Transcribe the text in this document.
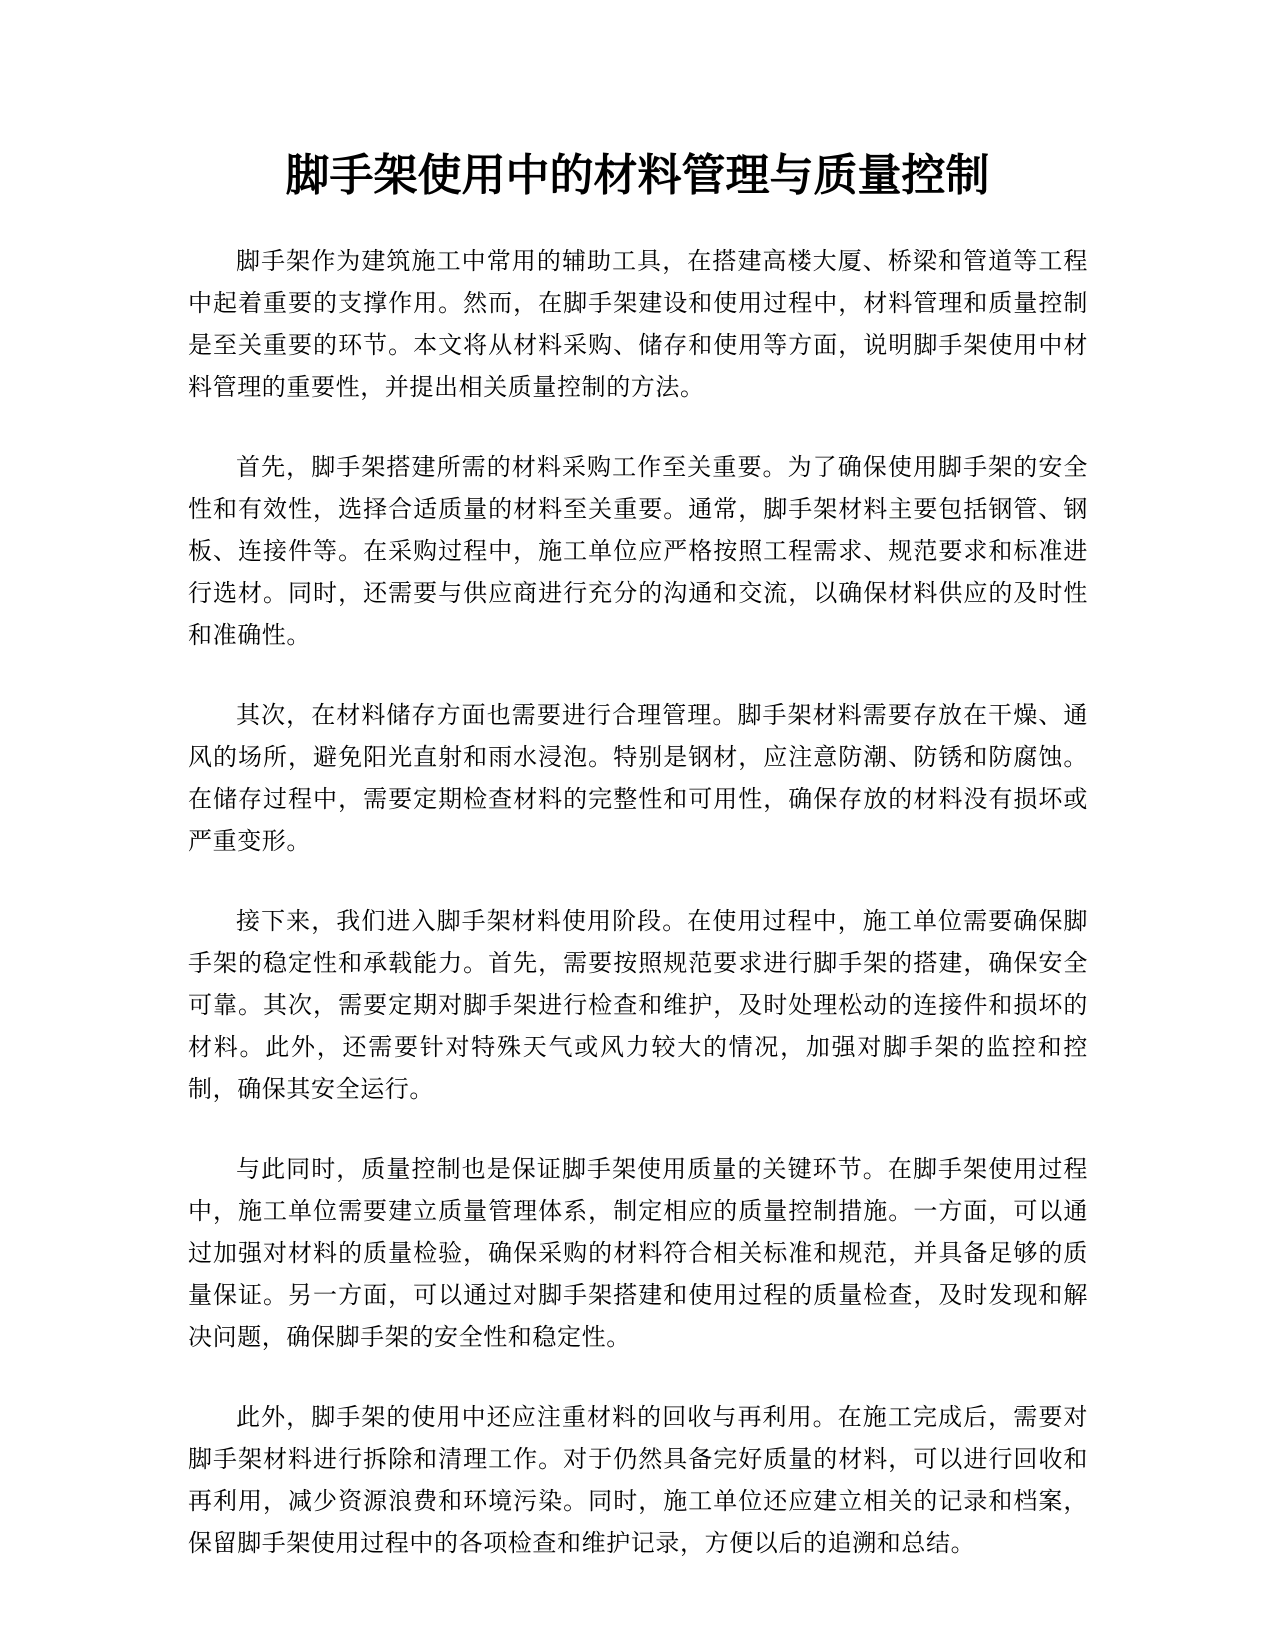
脚手架使用中的材料管理与质量控制

脚手架作为建筑施工中常用的辅助工具，在搭建高楼大厦、桥梁和管道等工程中起着重要的支撑作用。然而，在脚手架建设和使用过程中，材料管理和质量控制是至关重要的环节。本文将从材料采购、储存和使用等方面，说明脚手架使用中材料管理的重要性，并提出相关质量控制的方法。

首先，脚手架搭建所需的材料采购工作至关重要。为了确保使用脚手架的安全性和有效性，选择合适质量的材料至关重要。通常，脚手架材料主要包括钢管、钢板、连接件等。在采购过程中，施工单位应严格按照工程需求、规范要求和标准进行选材。同时，还需要与供应商进行充分的沟通和交流，以确保材料供应的及时性和准确性。

其次，在材料储存方面也需要进行合理管理。脚手架材料需要存放在干燥、通风的场所，避免阳光直射和雨水浸泡。特别是钢材，应注意防潮、防锈和防腐蚀。在储存过程中，需要定期检查材料的完整性和可用性，确保存放的材料没有损坏或严重变形。

接下来，我们进入脚手架材料使用阶段。在使用过程中，施工单位需要确保脚手架的稳定性和承载能力。首先，需要按照规范要求进行脚手架的搭建，确保安全可靠。其次，需要定期对脚手架进行检查和维护，及时处理松动的连接件和损坏的材料。此外，还需要针对特殊天气或风力较大的情况，加强对脚手架的监控和控制，确保其安全运行。

与此同时，质量控制也是保证脚手架使用质量的关键环节。在脚手架使用过程中，施工单位需要建立质量管理体系，制定相应的质量控制措施。一方面，可以通过加强对材料的质量检验，确保采购的材料符合相关标准和规范，并具备足够的质量保证。另一方面，可以通过对脚手架搭建和使用过程的质量检查，及时发现和解决问题，确保脚手架的安全性和稳定性。

此外，脚手架的使用中还应注重材料的回收与再利用。在施工完成后，需要对脚手架材料进行拆除和清理工作。对于仍然具备完好质量的材料，可以进行回收和再利用，减少资源浪费和环境污染。同时，施工单位还应建立相关的记录和档案，保留脚手架使用过程中的各项检查和维护记录，方便以后的追溯和总结。
